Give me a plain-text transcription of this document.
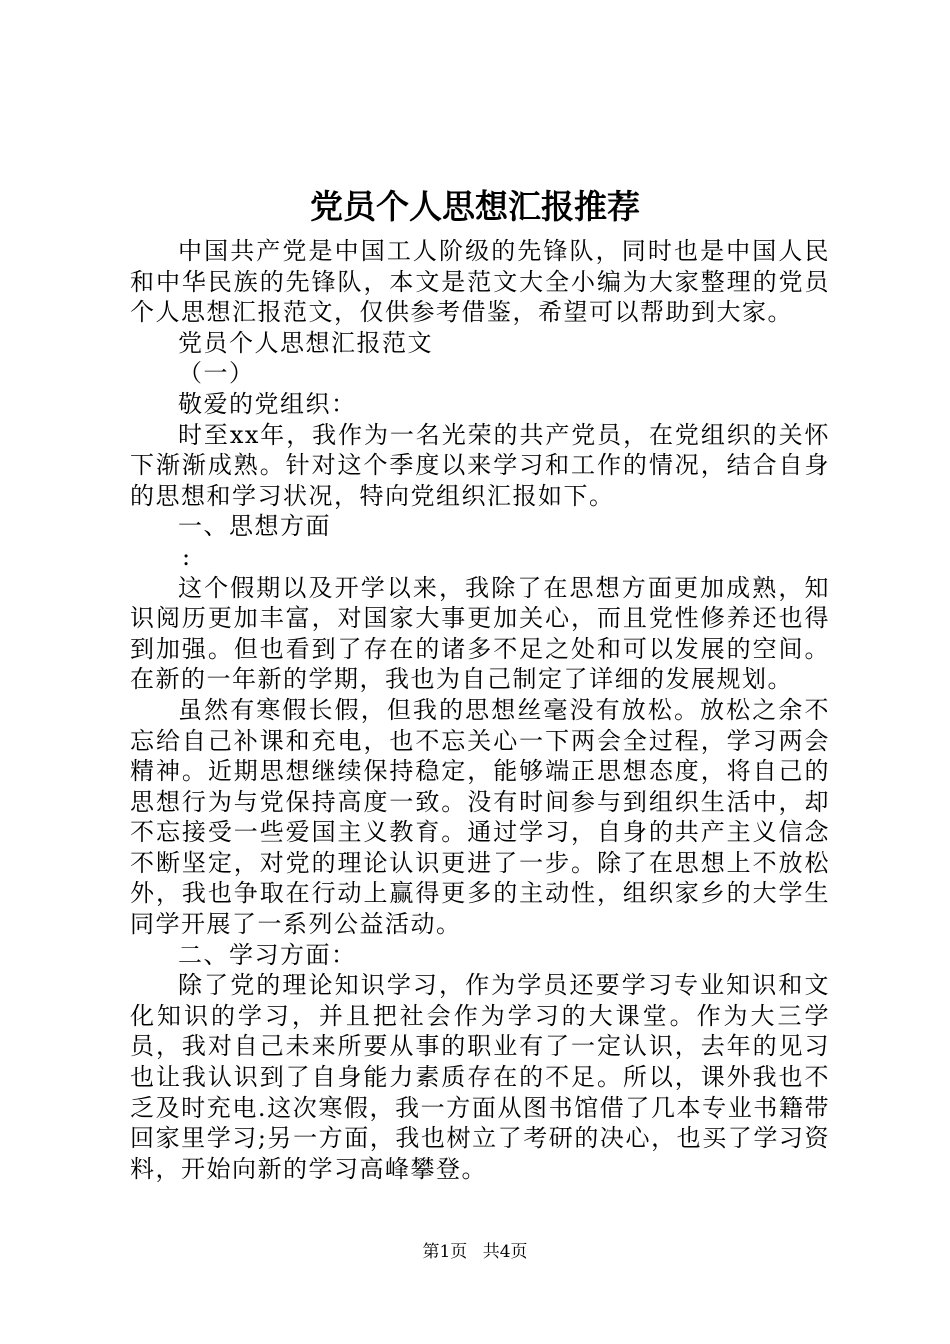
党员个人思想汇报推荐

中国共产党是中国工人阶级的先锋队，同时也是中国人民和中华民族的先锋队，本文是范文大全小编为大家整理的党员个人思想汇报范文，仅供参考借鉴，希望可以帮助到大家。

党员个人思想汇报范文

（一）

敬爱的党组织：

时至xx年，我作为一名光荣的共产党员，在党组织的关怀下渐渐成熟。针对这个季度以来学习和工作的情况，结合自身的思想和学习状况，特向党组织汇报如下。

一、思想方面

:

这个假期以及开学以来，我除了在思想方面更加成熟，知识阅历更加丰富，对国家大事更加关心，而且党性修养还也得到加强。但也看到了存在的诸多不足之处和可以发展的空间。在新的一年新的学期，我也为自己制定了详细的发展规划。

虽然有寒假长假，但我的思想丝毫没有放松。放松之余不忘给自己补课和充电，也不忘关心一下两会全过程，学习两会精神。近期思想继续保持稳定，能够端正思想态度，将自己的思想行为与党保持高度一致。没有时间参与到组织生活中，却不忘接受一些爱国主义教育。通过学习，自身的共产主义信念不断坚定，对党的理论认识更进了一步。除了在思想上不放松外，我也争取在行动上赢得更多的主动性，组织家乡的大学生同学开展了一系列公益活动。

二、学习方面：

除了党的理论知识学习，作为学员还要学习专业知识和文化知识的学习，并且把社会作为学习的大课堂。作为大三学员，我对自己未来所要从事的职业有了一定认识，去年的见习也让我认识到了自身能力素质存在的不足。所以，课外我也不乏及时充电.这次寒假，我一方面从图书馆借了几本专业书籍带回家里学习;另一方面，我也树立了考研的决心，也买了学习资料，开始向新的学习高峰攀登。

第1页 共4页
